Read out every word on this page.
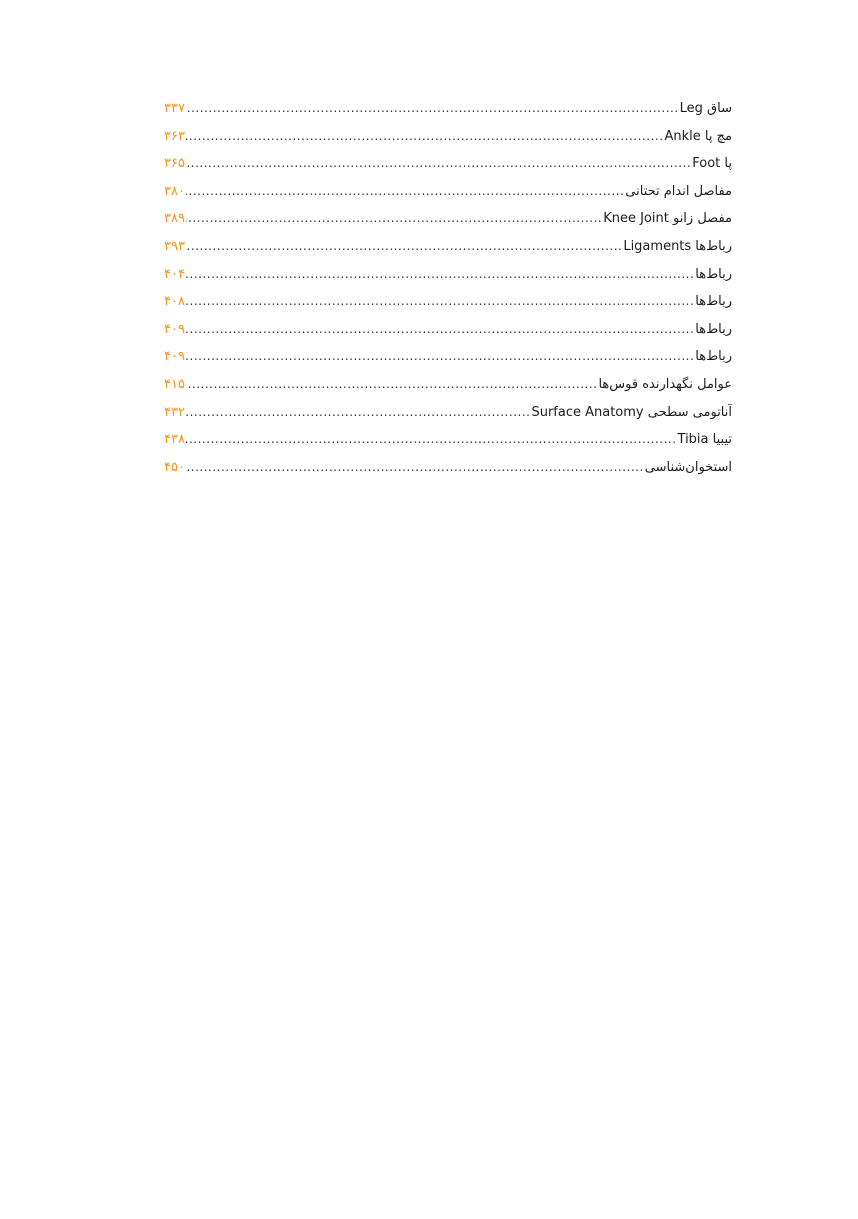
ساق Leg
.....
۳۳۷
مچ پا Ankle
.....
۳۶۳
پا Foot
.....
۳۶۵
مفاصل اندام تحتانی
.....
۳۸۰
مفصل زانو Knee Joint
.....
۳۸۹
رباط‌ها Ligaments
.....
۳۹۳
رباط‌ها
.....
۴۰۴
رباط‌ها
.....
۴۰۸
رباط‌ها
.....
۴۰۹
رباط‌ها
.....
۴۰۹
عوامل نگهدارنده قوس‌ها
.....
۴۱۵
آناتومی سطحی Surface Anatomy
.....
۴۳۲
تیبیا Tibia
.....
۴۳۸
استخوان‌شناسی
.....
۴۵۰
